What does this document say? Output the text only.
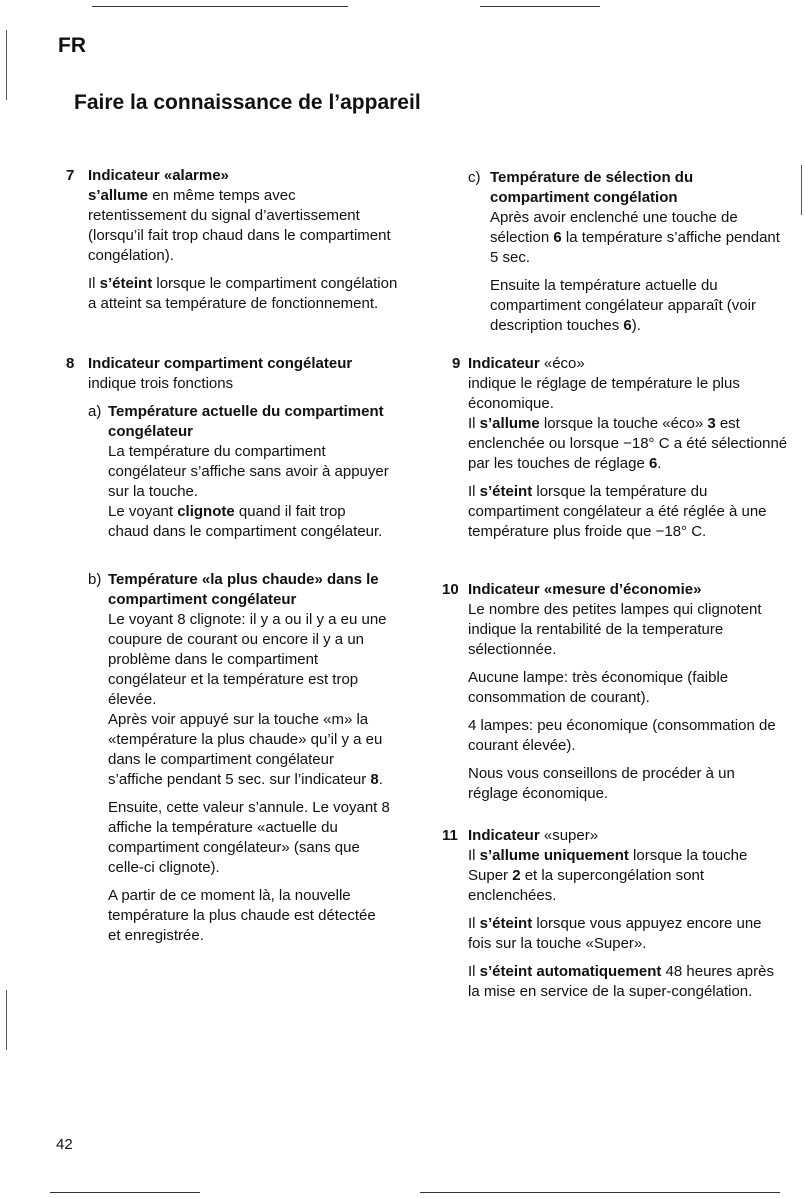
FR
Faire la connaissance de l’appareil
7 Indicateur «alarme»

s’allume en même temps avec retentissement du signal d’avertissement (lorsqu’il fait trop chaud dans le compartiment congélation).

Il s’éteint lorsque le compartiment congélation a atteint sa température de fonctionnement.

8 Indicateur compartiment congélateur

indique trois fonctions

a) Température actuelle du compartiment congélateur

La température du compartiment congélateur s’affiche sans avoir à appuyer sur la touche.

Le voyant clignote quand il fait trop chaud dans le compartiment congélateur.

b) Température «la plus chaude» dans le compartiment congélateur

Le voyant 8 clignote: il y a ou il y a eu une coupure de courant ou encore il y a un problème dans le compartiment congélateur et la température est trop élevée.

Après voir appuyé sur la touche «m» la «température la plus chaude» qu’il y a eu dans le compartiment congélateur s’affiche pendant 5 sec. sur l’indicateur 8.

Ensuite, cette valeur s’annule. Le voyant 8 affiche la température «actuelle du compartiment congélateur» (sans que celle-ci clignote).

A partir de ce moment là, la nouvelle température la plus chaude est détectée et enregistrée.

c) Température de sélection du compartiment congélation

Après avoir enclenché une touche de sélection 6 la température s’affiche pendant 5 sec.

Ensuite la température actuelle du compartiment congélateur apparaît (voir description touches 6).

9 Indicateur «éco»

indique le réglage de température le plus économique.

Il s’allume lorsque la touche «éco» 3 est enclenchée ou lorsque −18° C a été sélectionné par les touches de réglage 6.

Il s’éteint lorsque la température du compartiment congélateur a été réglée à une température plus froide que −18° C.

10 Indicateur «mesure d’économie»

Le nombre des petites lampes qui clignotent indique la rentabilité de la temperature sélectionnée.

Aucune lampe: très économique (faible consommation de courant).

4 lampes: peu économique (consommation de courant élevée).

Nous vous conseillons de procéder à un réglage économique.

11 Indicateur «super»

Il s’allume uniquement lorsque la touche Super 2 et la supercongélation sont enclenchées.

Il s’éteint lorsque vous appuyez encore une fois sur la touche «Super».

Il s’éteint automatiquement 48 heures après la mise en service de la super-congélation.

42
